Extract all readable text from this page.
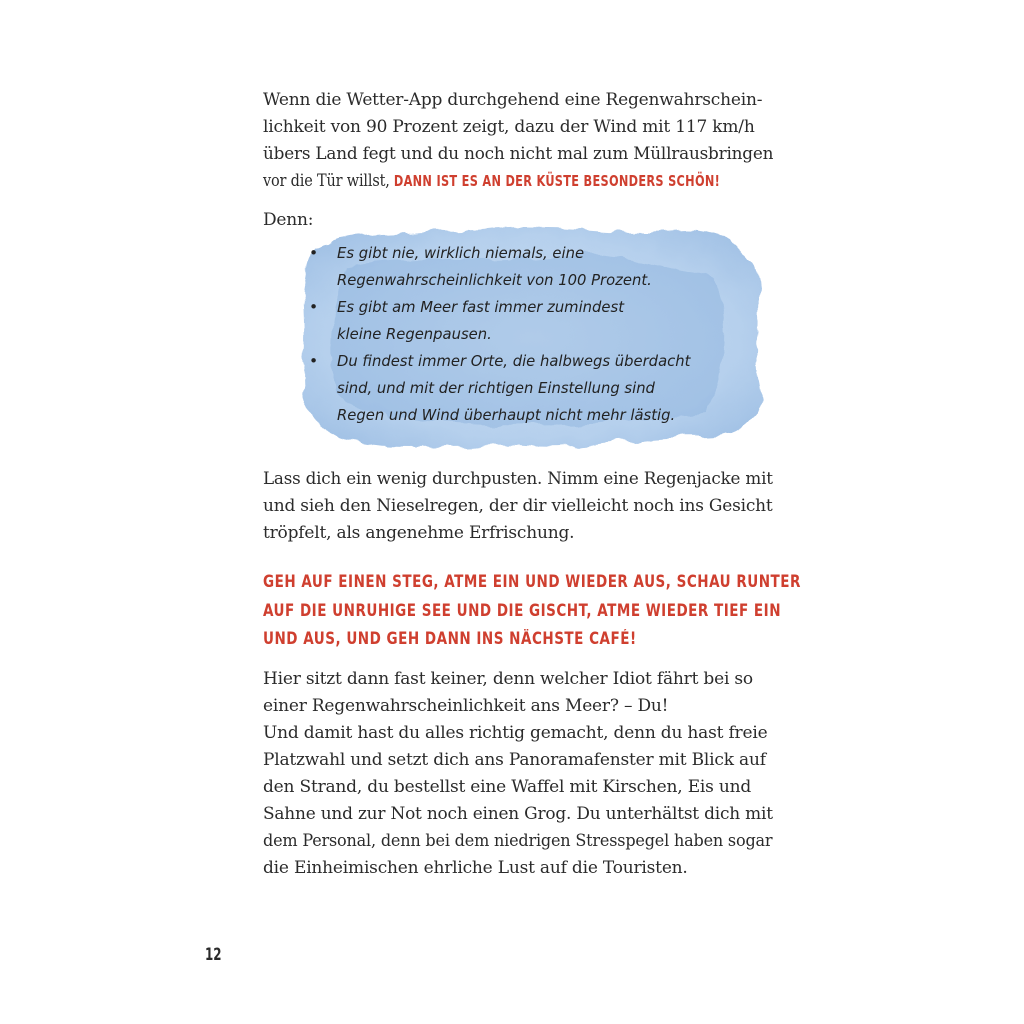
Wenn die Wetter-App durchgehend eine Regenwahrschein-
lichkeit von 90 Prozent zeigt, dazu der Wind mit 117 km/h
übers Land fegt und du noch nicht mal zum Müllrausbringen vor die Tür willst, DANN IST ES AN DER KÜSTE BESONDERS SCHÖN!
Denn:
• Es gibt nie, wirklich niemals, eine
Regenwahrscheinlichkeit von 100 Prozent.
• Es gibt am Meer fast immer zumindest
kleine Regenpausen.
• Du findest immer Orte, die halbwegs überdacht
sind, und mit der richtigen Einstellung sind
Regen und Wind überhaupt nicht mehr lästig.
Lass dich ein wenig durchpusten. Nimm eine Regenjacke mit und sieh den Nieselregen, der dir vielleicht noch ins Gesicht
tröpfelt, als angenehme Erfrischung.
GEH AUF EINEN STEG, ATME EIN UND WIEDER AUS, SCHAU RUNTER
AUF DIE UNRUHIGE SEE UND DIE GISCHT, ATME WIEDER TIEF EIN
UND AUS, UND GEH DANN INS NÄCHSTE CAFÉ!
Hier sitzt dann fast keiner, denn welcher Idiot fährt bei so
einer Regenwahrscheinlichkeit ans Meer? – Du!
Und damit hast du alles richtig gemacht, denn du hast freie
Platzwahl und setzt dich ans Panoramafenster mit Blick auf
den Strand, du bestellst eine Waffel mit Kirschen, Eis und
Sahne und zur Not noch einen Grog. Du unterhältst dich mit dem Personal, denn bei dem niedrigen Stresspegel haben sogar
die Einheimischen ehrliche Lust auf die Touristen.
12
